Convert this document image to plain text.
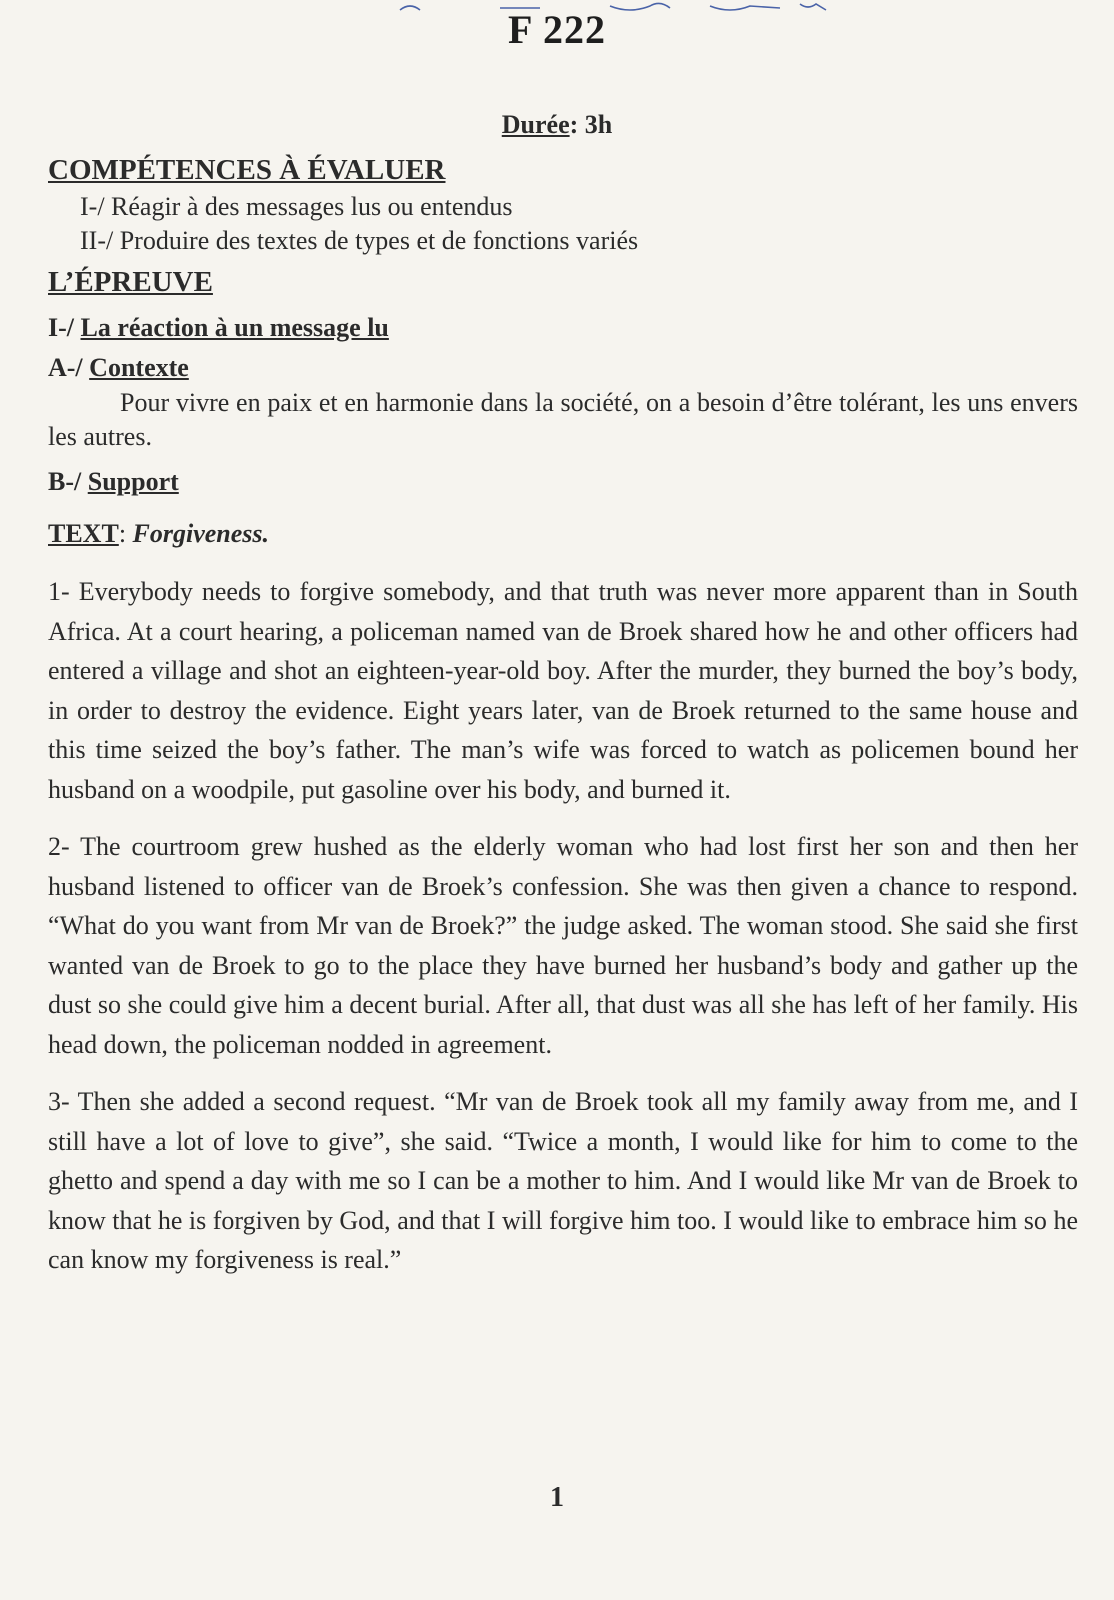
F 222
Durée: 3h
COMPÉTENCES À ÉVALUER
I-/ Réagir à des messages lus ou entendus
II-/ Produire des textes de types et de fonctions variés
L’ÉPREUVE
I-/ La réaction à un message lu
A-/ Contexte

Pour vivre en paix et en harmonie dans la société, on a besoin d’être tolérant, les uns envers les autres.

B-/ Support
TEXT: Forgiveness.

1- Everybody needs to forgive somebody, and that truth was never more apparent than in South Africa. At a court hearing, a policeman named van de Broek shared how he and other officers had entered a village and shot an eighteen-year-old boy. After the murder, they burned the boy’s body, in order to destroy the evidence. Eight years later, van de Broek returned to the same house and this time seized the boy’s father. The man’s wife was forced to watch as policemen bound her husband on a woodpile, put gasoline over his body, and burned it.

2- The courtroom grew hushed as the elderly woman who had lost first her son and then her husband listened to officer van de Broek’s confession. She was then given a chance to respond. “What do you want from Mr van de Broek?” the judge asked. The woman stood. She said she first wanted van de Broek to go to the place they have burned her husband’s body and gather up the dust so she could give him a decent burial. After all, that dust was all she has left of her family. His head down, the policeman nodded in agreement.

3- Then she added a second request. “Mr van de Broek took all my family away from me, and I still have a lot of love to give”, she said. “Twice a month, I would like for him to come to the ghetto and spend a day with me so I can be a mother to him. And I would like Mr van de Broek to know that he is forgiven by God, and that I will forgive him too. I would like to embrace him so he can know my forgiveness is real.”

1
